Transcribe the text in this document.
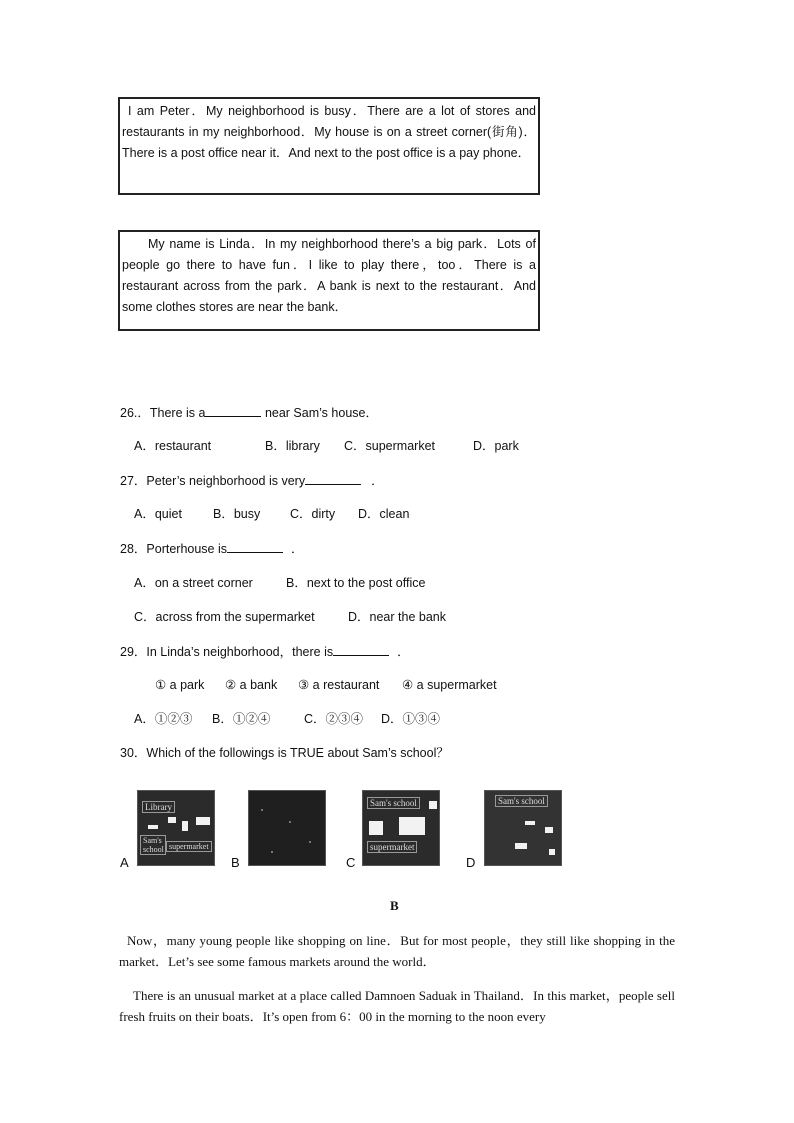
I am Peter．My neighborhood is busy．There are a lot of stores and restaurants in my neighborhood．My house is on a street corner(街角)．There is a post office near it．And next to the post office is a pay phone．

My name is Linda．In my neighborhood there’s a big park．Lots of people go there to have fun．I like to play there，too．There is a restaurant across from the park．A bank is next to the restaurant．And some clothes stores are near the bank．

26.．There is a	near Sam’s house．
A．restaurant	B．library C．supermarket	D．park
27．Peter’s neighborhood is very	．
A．quiet B．busy C．dirty D．clean
28．Porterhouse is	．
A．on a street corner	B．next to the post office
C．across from the supermarket	D．near the bank
29．In Linda’s neighborhood，there is	．
① a park ② a bank ③ a restaurant ④ a supermarket
A．①②③ B．①②④	C．②③④ D．①③④
30．Which of the followings is TRUE about Sam’s school？
A
Library
Sam's school supermarket
B	C
Sam's school
supermarket
D
Sam's school
B

Now，many young people like shopping on line．But for most people，they still like shopping in the market．Let’s see some famous markets around the world．

There is an unusual market at a place called Damnoen Saduak in Thailand．In this market，people sell fresh fruits on their boats．It’s open from 6：00 in the morning to the noon every
